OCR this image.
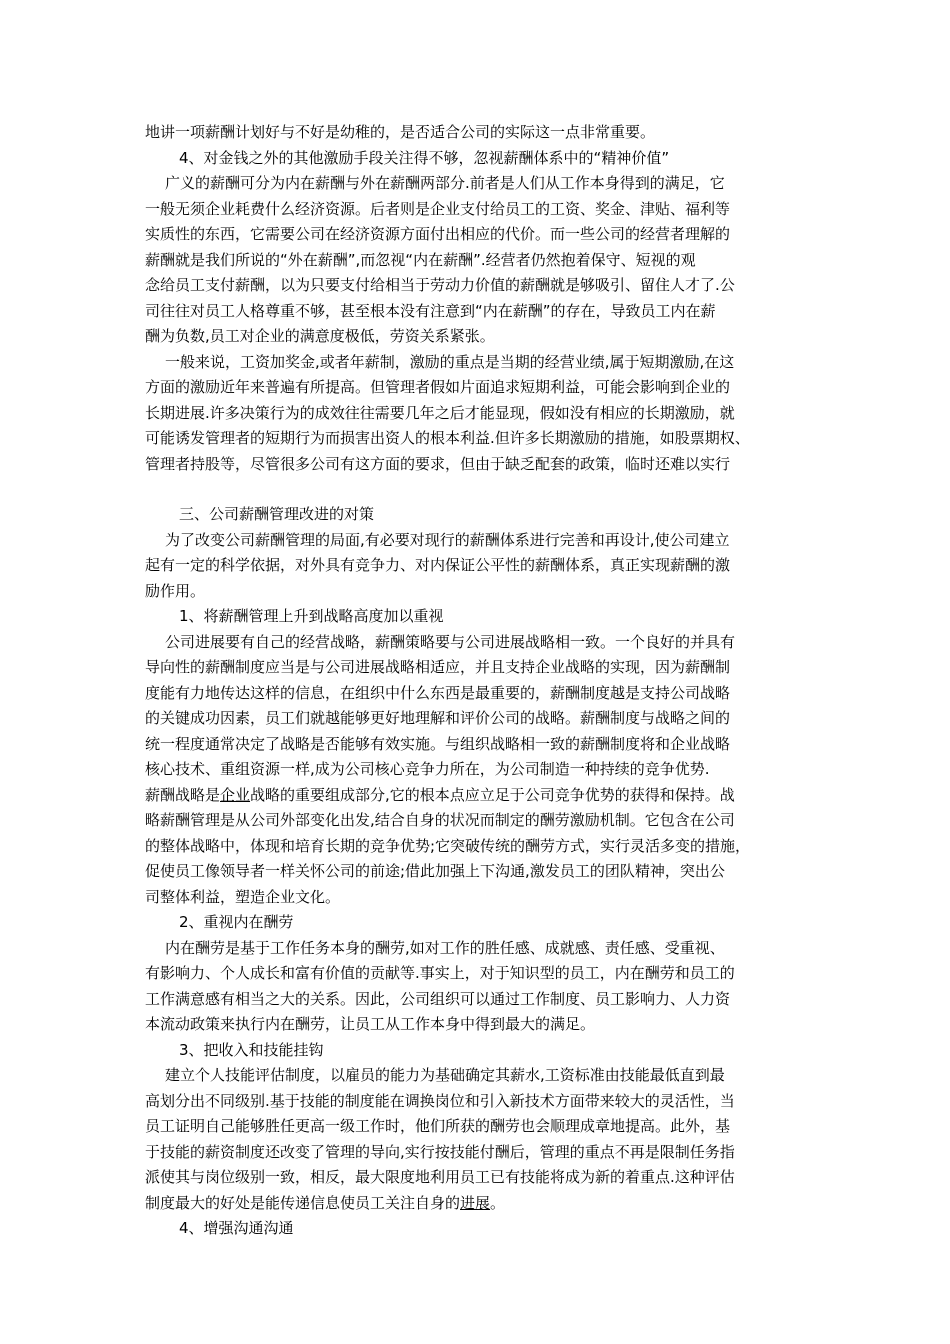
地讲一项薪酬计划好与不好是幼稚的，是否适合公司的实际这一点非常重要。
4、对金钱之外的其他激励手段关注得不够，忽视薪酬体系中的“精神价值”
广义的薪酬可分为内在薪酬与外在薪酬两部分.前者是人们从工作本身得到的满足，它
一般无须企业耗费什么经济资源。后者则是企业支付给员工的工资、奖金、津贴、福利等
实质性的东西，它需要公司在经济资源方面付出相应的代价。而一些公司的经营者理解的
薪酬就是我们所说的“外在薪酬”,而忽视“内在薪酬”.经营者仍然抱着保守、短视的观
念给员工支付薪酬，以为只要支付给相当于劳动力价值的薪酬就是够吸引、留住人才了.公
司往往对员工人格尊重不够，甚至根本没有注意到“内在薪酬”的存在，导致员工内在薪
酬为负数,员工对企业的满意度极低，劳资关系紧张。
一般来说，工资加奖金,或者年薪制，激励的重点是当期的经营业绩,属于短期激励,在这
方面的激励近年来普遍有所提高。但管理者假如片面追求短期利益，可能会影响到企业的
长期进展.许多决策行为的成效往往需要几年之后才能显现，假如没有相应的长期激励，就
可能诱发管理者的短期行为而损害出资人的根本利益.但许多长期激励的措施，如股票期权、
管理者持股等，尽管很多公司有这方面的要求，但由于缺乏配套的政策，临时还难以实行
三、公司薪酬管理改进的对策
为了改变公司薪酬管理的局面,有必要对现行的薪酬体系进行完善和再设计,使公司建立
起有一定的科学依据，对外具有竞争力、对内保证公平性的薪酬体系，真正实现薪酬的激
励作用。
1、将薪酬管理上升到战略高度加以重视
公司进展要有自己的经营战略，薪酬策略要与公司进展战略相一致。一个良好的并具有
导向性的薪酬制度应当是与公司进展战略相适应，并且支持企业战略的实现，因为薪酬制
度能有力地传达这样的信息，在组织中什么东西是最重要的，薪酬制度越是支持公司战略
的关键成功因素，员工们就越能够更好地理解和评价公司的战略。薪酬制度与战略之间的
统一程度通常决定了战略是否能够有效实施。与组织战略相一致的薪酬制度将和企业战略
核心技术、重组资源一样,成为公司核心竞争力所在，为公司制造一种持续的竞争优势.
薪酬战略是企业战略的重要组成部分,它的根本点应立足于公司竞争优势的获得和保持。战
略薪酬管理是从公司外部变化出发,结合自身的状况而制定的酬劳激励机制。它包含在公司
的整体战略中，体现和培育长期的竞争优势;它突破传统的酬劳方式，实行灵活多变的措施，
促使员工像领导者一样关怀公司的前途;借此加强上下沟通,激发员工的团队精神，突出公
司整体利益，塑造企业文化。
2、重视内在酬劳
内在酬劳是基于工作任务本身的酬劳,如对工作的胜任感、成就感、责任感、受重视、
有影响力、个人成长和富有价值的贡献等.事实上，对于知识型的员工，内在酬劳和员工的
工作满意感有相当之大的关系。因此，公司组织可以通过工作制度、员工影响力、人力资
本流动政策来执行内在酬劳，让员工从工作本身中得到最大的满足。
3、把收入和技能挂钩
建立个人技能评估制度，以雇员的能力为基础确定其薪水,工资标准由技能最低直到最
高划分出不同级别.基于技能的制度能在调换岗位和引入新技术方面带来较大的灵活性，当
员工证明自己能够胜任更高一级工作时，他们所获的酬劳也会顺理成章地提高。此外，基
于技能的薪资制度还改变了管理的导向,实行按技能付酬后，管理的重点不再是限制任务指
派使其与岗位级别一致，相反，最大限度地利用员工已有技能将成为新的着重点.这种评估
制度最大的好处是能传递信息使员工关注自身的进展。
4、增强沟通沟通
